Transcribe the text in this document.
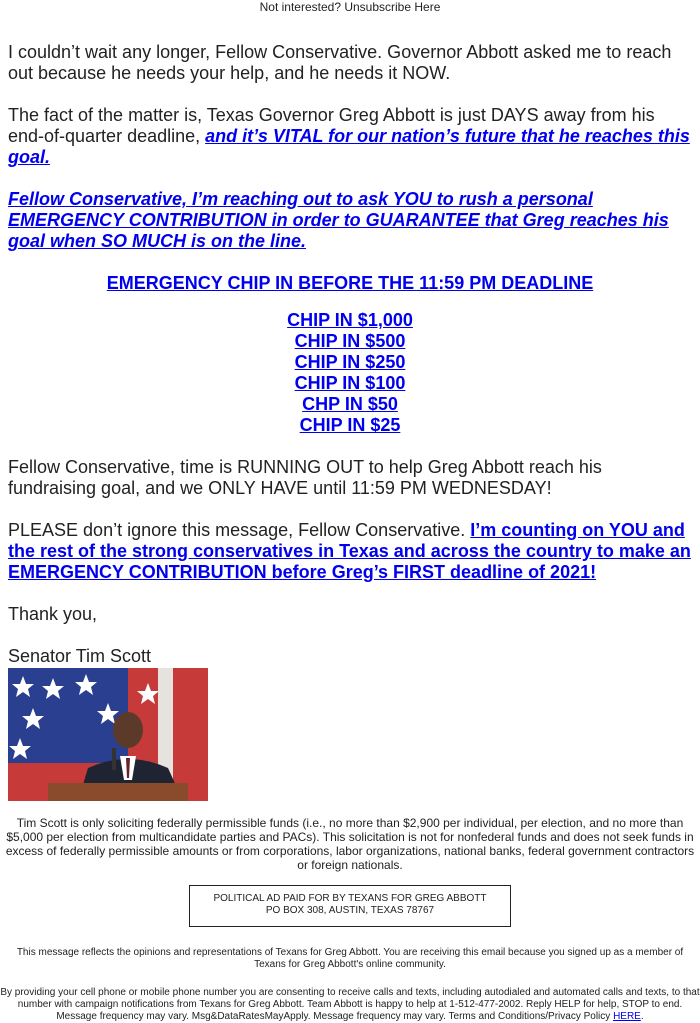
Not interested? Unsubscribe Here

I couldn’t wait any longer, Fellow Conservative. Governor Abbott asked me to reach out because he needs your help, and he needs it NOW.

The fact of the matter is, Texas Governor Greg Abbott is just DAYS away from his end-of-quarter deadline, and it’s VITAL for our nation’s future that he reaches this goal.

Fellow Conservative, I’m reaching out to ask YOU to rush a personal EMERGENCY CONTRIBUTION in order to GUARANTEE that Greg reaches his goal when SO MUCH is on the line.

EMERGENCY CHIP IN BEFORE THE 11:59 PM DEADLINE

CHIP IN $1,000
CHIP IN $500
CHIP IN $250
CHIP IN $100
CHP IN $50
CHIP IN $25

Fellow Conservative, time is RUNNING OUT to help Greg Abbott reach his fundraising goal, and we ONLY HAVE until 11:59 PM WEDNESDAY!

PLEASE don’t ignore this message, Fellow Conservative. I’m counting on YOU and the rest of the strong conservatives in Texas and across the country to make an EMERGENCY CONTRIBUTION before Greg’s FIRST deadline of 2021!

Thank you,

Senator Tim Scott

Tim Scott is only soliciting federally permissible funds (i.e., no more than $2,900 per individual, per election, and no more than $5,000 per election from multicandidate parties and PACs). This solicitation is not for nonfederal funds and does not seek funds in excess of federally permissible amounts or from corporations, labor organizations, national banks, federal government contractors or foreign nationals.
POLITICAL AD PAID FOR BY TEXANS FOR GREG ABBOTT
PO BOX 308, AUSTIN, TEXAS 78767
This message reflects the opinions and representations of Texans for Greg Abbott. You are receiving this email because you signed up as a member of Texans for Greg Abbott's online community.
By providing your cell phone or mobile phone number you are consenting to receive calls and texts, including autodialed and automated calls and texts, to that number with campaign notifications from Texans for Greg Abbott. Team Abbott is happy to help at 1-512-477-2002. Reply HELP for help, STOP to end. Message frequency may vary. Msg&DataRatesMayApply. Message frequency may vary. Terms and Conditions/Privacy Policy HERE.
